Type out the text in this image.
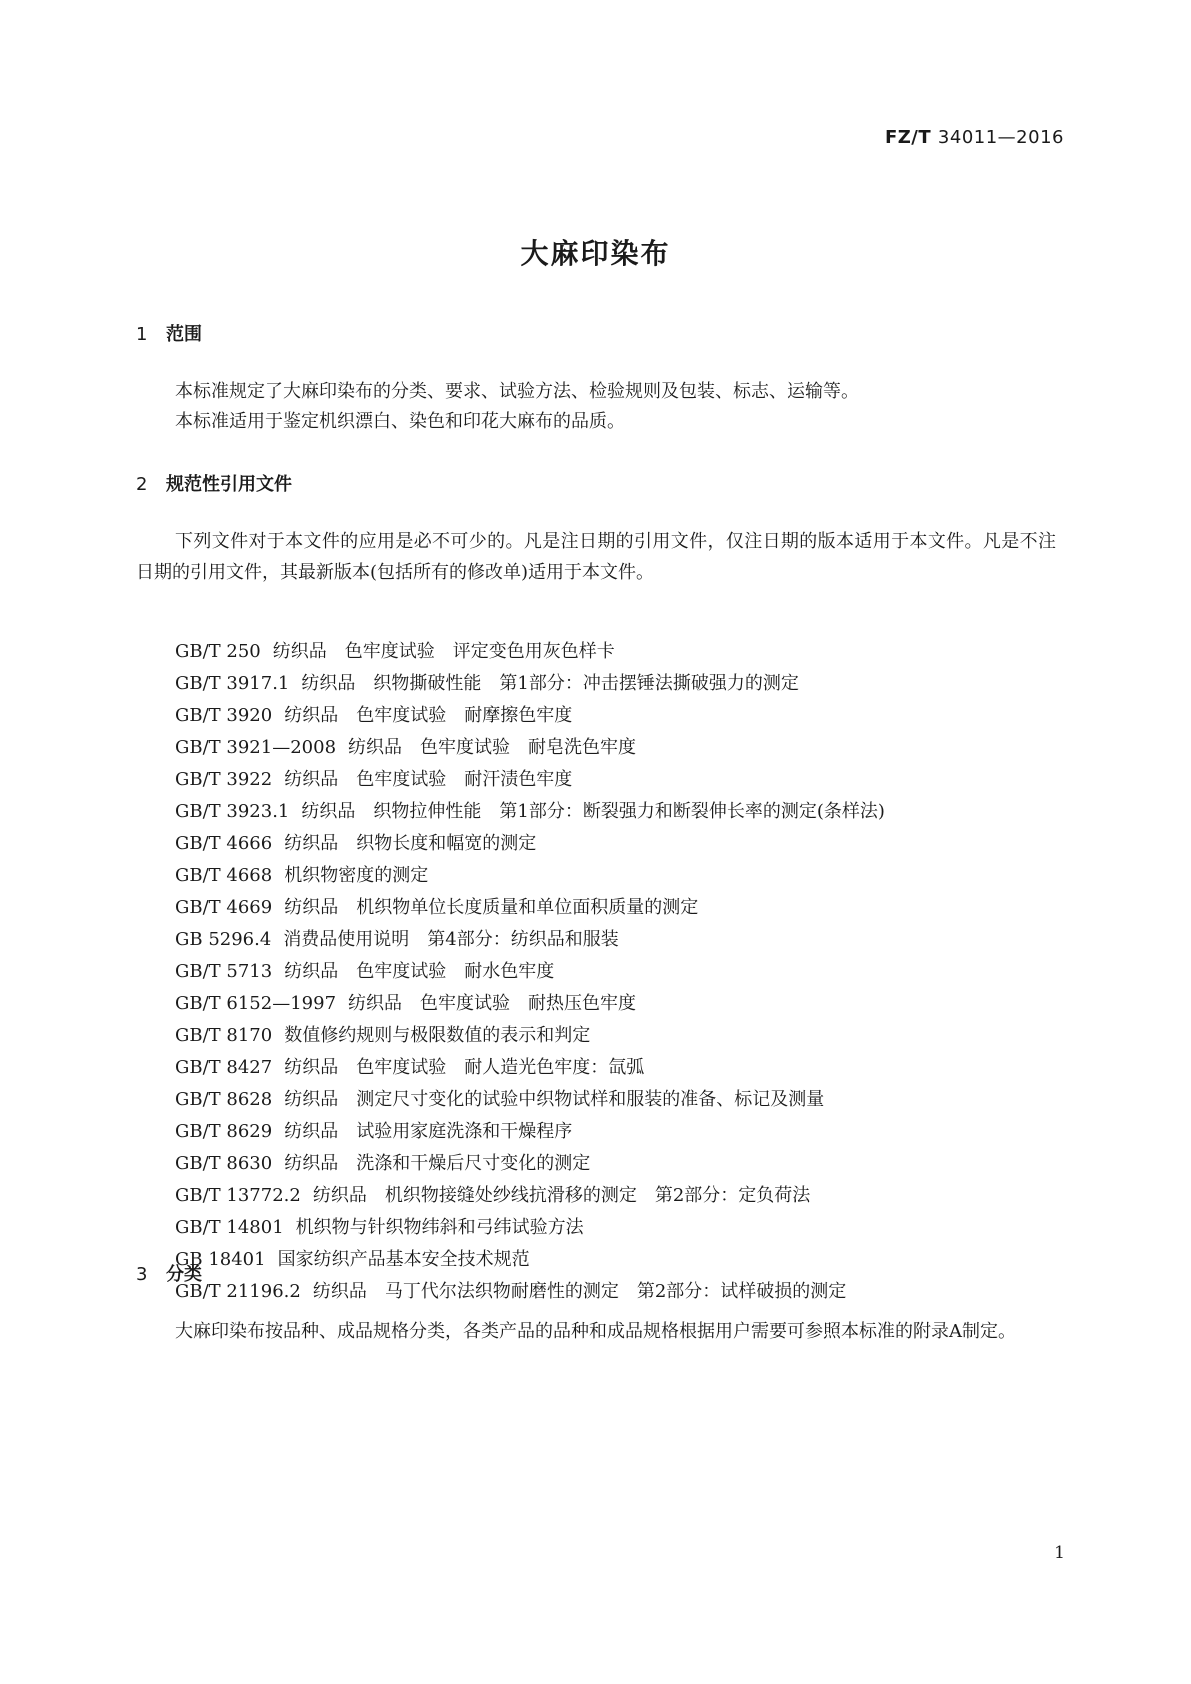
FZ/T 34011—2016
大麻印染布
1 范围
本标准规定了大麻印染布的分类、要求、试验方法、检验规则及包装、标志、运输等。
本标准适用于鉴定机织漂白、染色和印花大麻布的品质。
2 规范性引用文件
下列文件对于本文件的应用是必不可少的。凡是注日期的引用文件，仅注日期的版本适用于本文件。凡是不注日期的引用文件，其最新版本(包括所有的修改单)适用于本文件。
GB/T 250 纺织品　色牢度试验　评定变色用灰色样卡
GB/T 3917.1 纺织品　织物撕破性能　第1部分：冲击摆锤法撕破强力的测定
GB/T 3920 纺织品　色牢度试验　耐摩擦色牢度
GB/T 3921—2008 纺织品　色牢度试验　耐皂洗色牢度
GB/T 3922 纺织品　色牢度试验　耐汗渍色牢度
GB/T 3923.1 纺织品　织物拉伸性能　第1部分：断裂强力和断裂伸长率的测定(条样法)
GB/T 4666 纺织品　织物长度和幅宽的测定
GB/T 4668 机织物密度的测定
GB/T 4669 纺织品　机织物单位长度质量和单位面积质量的测定
GB 5296.4 消费品使用说明　第4部分：纺织品和服装
GB/T 5713 纺织品　色牢度试验　耐水色牢度
GB/T 6152—1997 纺织品　色牢度试验　耐热压色牢度
GB/T 8170 数值修约规则与极限数值的表示和判定
GB/T 8427 纺织品　色牢度试验　耐人造光色牢度：氙弧
GB/T 8628 纺织品　测定尺寸变化的试验中织物试样和服装的准备、标记及测量
GB/T 8629 纺织品　试验用家庭洗涤和干燥程序
GB/T 8630 纺织品　洗涤和干燥后尺寸变化的测定
GB/T 13772.2 纺织品　机织物接缝处纱线抗滑移的测定　第2部分：定负荷法
GB/T 14801 机织物与针织物纬斜和弓纬试验方法
GB 18401 国家纺织产品基本安全技术规范
GB/T 21196.2 纺织品　马丁代尔法织物耐磨性的测定　第2部分：试样破损的测定
3 分类
大麻印染布按品种、成品规格分类，各类产品的品种和成品规格根据用户需要可参照本标准的附录A制定。
1
